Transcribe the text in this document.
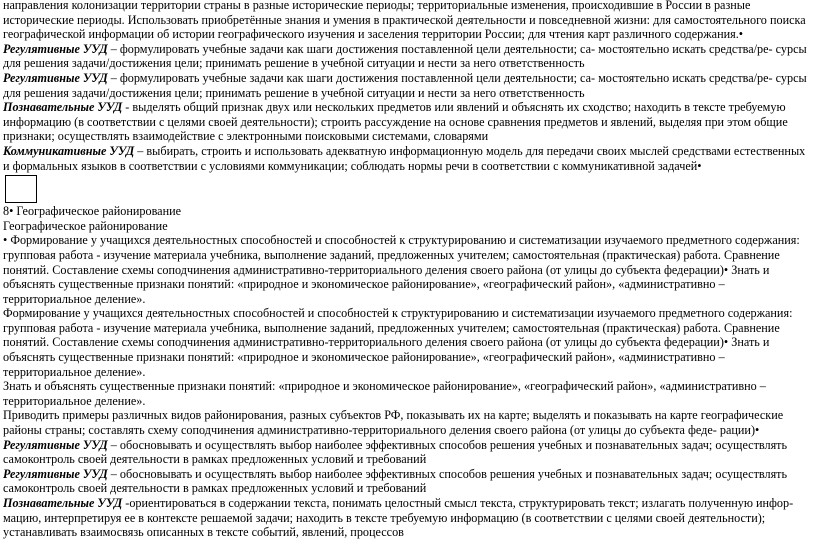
направления колонизации территории страны в разные исторические периоды; территориальные изменения, происходившие в России в разные исторические периоды. Использовать приобретённые знания и умения в практической деятельности и повседневной жизни: для самостоятельного поиска географической информации об истории географического изучения и заселения территории России; для чтения карт различного содержания.• Регулятивные УУД – формулировать учебные задачи как шаги достижения поставленной цели деятельности; са- мостоятельно искать средства/ре- сурсы для решения задачи/достижения цели; принимать решение в учебной ситуации и нести за него ответственность

Регулятивные УУД – формулировать учебные задачи как шаги достижения поставленной цели деятельности; са- мостоятельно искать средства/ре- сурсы для решения задачи/достижения цели; принимать решение в учебной ситуации и нести за него ответственность

Познавательные УУД - выделять общий признак двух или нескольких предметов или явлений и объяснять их сходство; находить в тексте требуемую информацию (в соответствии с целями своей деятельности); строить рассуждение на основе сравнения предметов и явлений, выделяя при этом общие признаки; осуществлять взаимодействие с электронными поисковыми системами, словарями

Коммуникативные УУД – выбирать, строить и использовать адекватную информационную модель для передачи своих мыслей средствами естественных и формальных языков в соответствии с условиями коммуникации; соблюдать нормы речи в соответствии с коммуникативной задачей•

8• Географическое районирование

Географическое районирование

• Формирование у учащихся деятельностных способностей и способностей к структурированию и систематизации изучаемого предметного содержания: групповая работа - изучение материала учебника, выполнение заданий, предложенных учителем; самостоятельная (практическая) работа. Сравнение понятий. Составление схемы соподчинения административно-территориального деления своего района (от улицы до субъекта федерации)• Знать и объяснять существенные признаки понятий: «природное и экономическое районирование», «географический район», «административно – территориальное деление».

Формирование у учащихся деятельностных способностей и способностей к структурированию и систематизации изучаемого предметного содержания: групповая работа - изучение материала учебника, выполнение заданий, предложенных учителем; самостоятельная (практическая) работа. Сравнение понятий. Составление схемы соподчинения административно-территориального деления своего района (от улицы до субъекта федерации)• Знать и объяснять существенные признаки понятий: «природное и экономическое районирование», «географический район», «административно – территориальное деление».

Знать и объяснять существенные признаки понятий: «природное и экономическое районирование», «географический район», «административно – территориальное деление».

Приводить примеры различных видов районирования, разных субъектов РФ, показывать их на карте; выделять и показывать на карте географические районы страны; составлять схему соподчинения административно-территориального деления своего района (от улицы до субъекта феде- рации)• Регулятивные УУД – обосновывать и осуществлять выбор наиболее эффективных способов решения учебных и познавательных задач; осуществлять самоконтроль своей деятельности в рамках предложенных условий и требований

Регулятивные УУД – обосновывать и осуществлять выбор наиболее эффективных способов решения учебных и познавательных задач; осуществлять самоконтроль своей деятельности в рамках предложенных условий и требований

Познавательные УУД -ориентироваться в содержании текста, понимать целостный смысл текста, структурировать текст; излагать полученную инфор- мацию, интерпретируя ее в контексте решаемой задачи; находить в тексте требуемую информацию (в соответствии с целями своей деятельности); устанавливать взаимосвязь описанных в тексте событий, явлений, процессов
